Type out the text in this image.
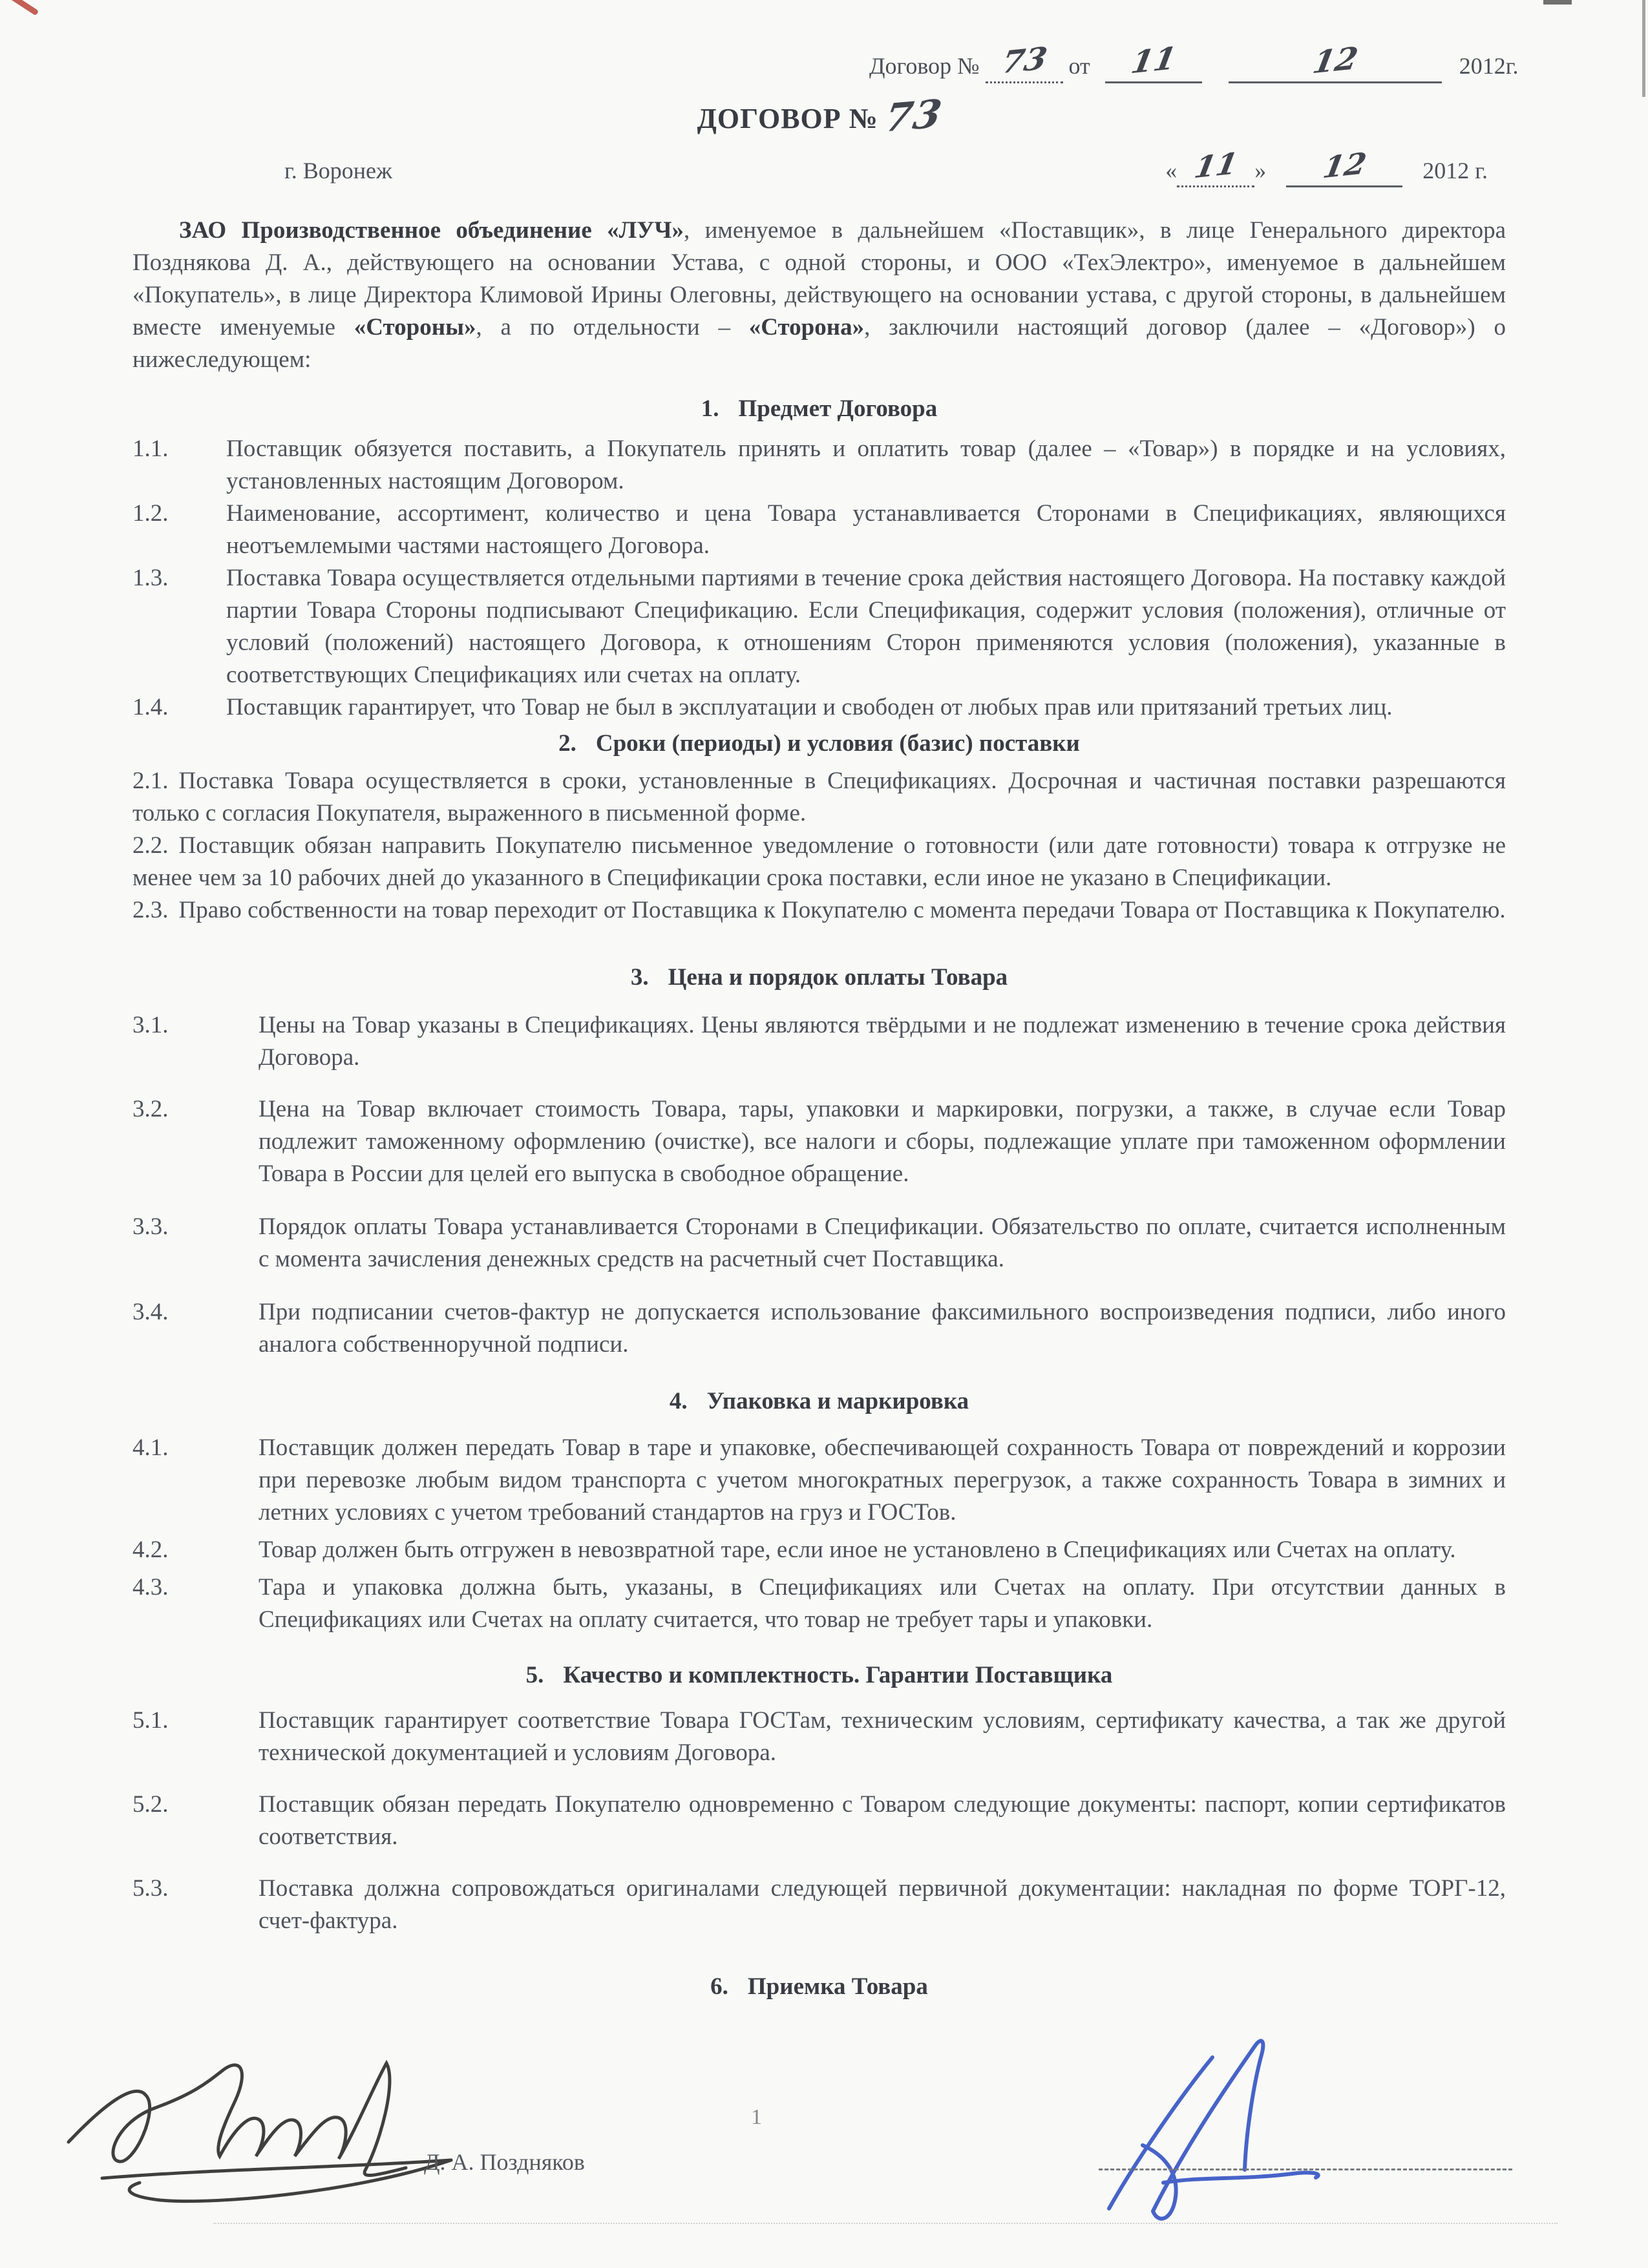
Договор № 73 от 11	12	2012г.
ДОГОВОР № 73
г. Воронеж	« 11 » 12 2012 г.

ЗАО Производственное объединение «ЛУЧ», именуемое в дальнейшем «Поставщик», в лице Генерального директора Позднякова Д. А., действующего на основании Устава, с одной стороны, и ООО «ТехЭлектро», именуемое в дальнейшем «Покупатель», в лице Директора Климовой Ирины Олеговны, действующего на основании устава, с другой стороны, в дальнейшем вместе именуемые «Стороны», а по отдельности – «Сторона», заключили настоящий договор (далее – «Договор») о нижеследующем:

1. Предмет Договора
1.1.	Поставщик обязуется поставить, а Покупатель принять и оплатить товар (далее – «Товар») в порядке и на условиях, установленных настоящим Договором.
1.2.	Наименование, ассортимент, количество и цена Товара устанавливается Сторонами в Спецификациях, являющихся неотъемлемыми частями настоящего Договора.
1.3.	Поставка Товара осуществляется отдельными партиями в течение срока действия настоящего Договора. На поставку каждой партии Товара Стороны подписывают Спецификацию. Если Спецификация, содержит условия (положения), отличные от условий (положений) настоящего Договора, к отношениям Сторон применяются условия (положения), указанные в соответствующих Спецификациях или счетах на оплату.
1.4.	Поставщик гарантирует, что Товар не был в эксплуатации и свободен от любых прав или притязаний третьих лиц.
2. Сроки (периоды) и условия (базис) поставки

2.1. Поставка Товара осуществляется в сроки, установленные в Спецификациях. Досрочная и частичная поставки разрешаются только с согласия Покупателя, выраженного в письменной форме.

2.2. Поставщик обязан направить Покупателю письменное уведомление о готовности (или дате готовности) товара к отгрузке не менее чем за 10 рабочих дней до указанного в Спецификации срока поставки, если иное не указано в Спецификации.

2.3. Право собственности на товар переходит от Поставщика к Покупателю с момента передачи Товара от Поставщика к Покупателю.

3. Цена и порядок оплаты Товара
3.1.	Цены на Товар указаны в Спецификациях. Цены являются твёрдыми и не подлежат изменению в течение срока действия Договора.
3.2.	Цена на Товар включает стоимость Товара, тары, упаковки и маркировки, погрузки, а также, в случае если Товар подлежит таможенному оформлению (очистке), все налоги и сборы, подлежащие уплате при таможенном оформлении Товара в России для целей его выпуска в свободное обращение.
3.3.	Порядок оплаты Товара устанавливается Сторонами в Спецификации. Обязательство по оплате, считается исполненным с момента зачисления денежных средств на расчетный счет Поставщика.
3.4.	При подписании счетов-фактур не допускается использование факсимильного воспроизведения подписи, либо иного аналога собственноручной подписи.
4. Упаковка и маркировка
4.1.	Поставщик должен передать Товар в таре и упаковке, обеспечивающей сохранность Товара от повреждений и коррозии при перевозке любым видом транспорта с учетом многократных перегрузок, а также сохранность Товара в зимних и летних условиях с учетом требований стандартов на груз и ГОСТов.
4.2.	Товар должен быть отгружен в невозвратной таре, если иное не установлено в Спецификациях или Счетах на оплату.
4.3.	Тара и упаковка должна быть, указаны, в Спецификациях или Счетах на оплату. При отсутствии данных в Спецификациях или Счетах на оплату считается, что товар не требует тары и упаковки.
5. Качество и комплектность. Гарантии Поставщика
5.1.	Поставщик гарантирует соответствие Товара ГОСТам, техническим условиям, сертификату качества, а так же другой технической документацией и условиям Договора.
5.2.	Поставщик обязан передать Покупателю одновременно с Товаром следующие документы: паспорт, копии сертификатов соответствия.
5.3.	Поставка должна сопровождаться оригиналами следующей первичной документации: накладная по форме ТОРГ-12, счет-фактура.
6. Приемка Товара
1
Д. А. Поздняков
